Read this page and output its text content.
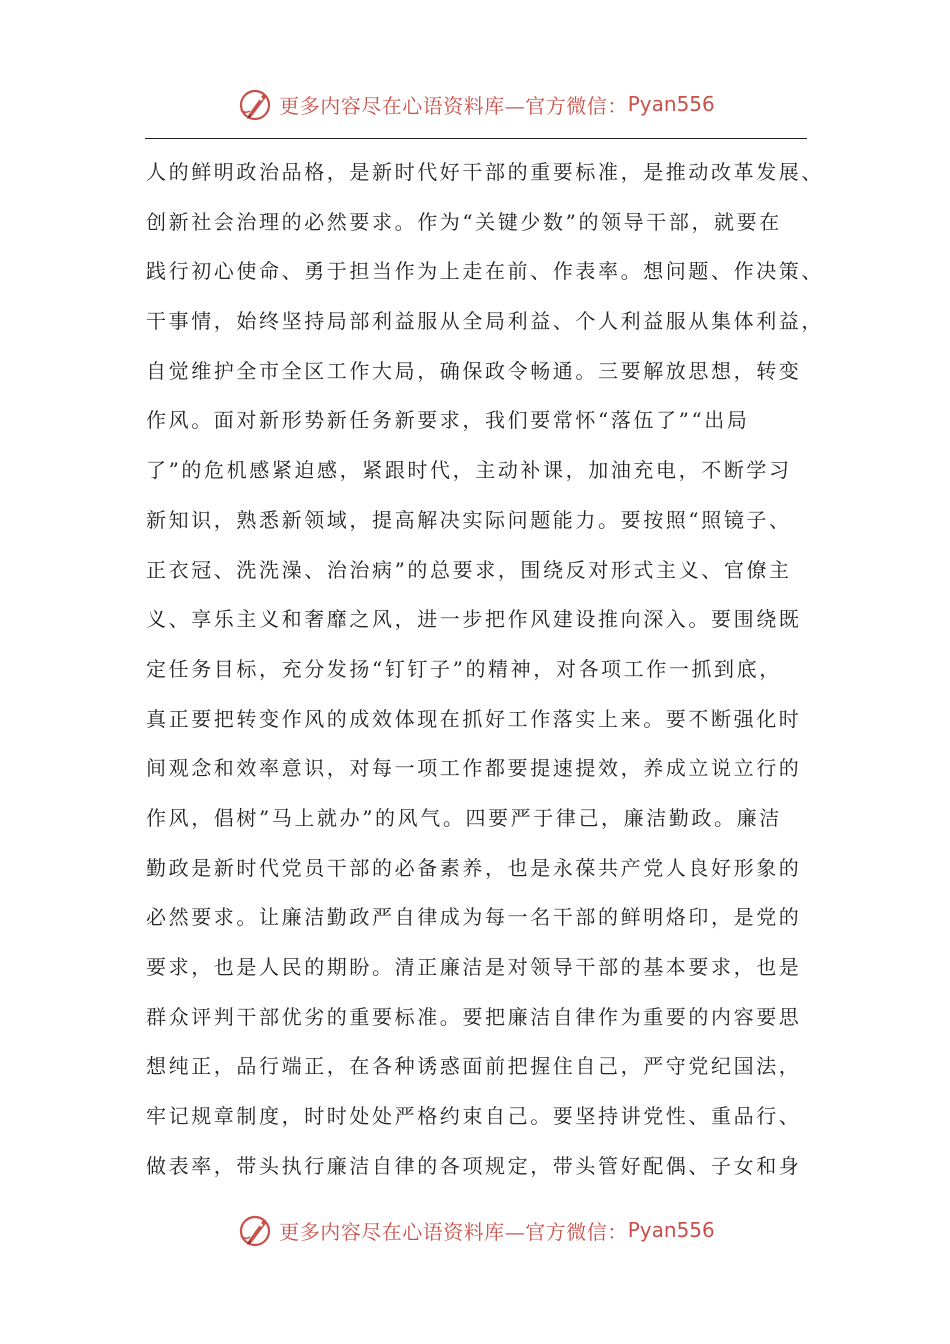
更多内容尽在心语资料库—官方微信： Pyan556
人的鲜明政治品格，是新时代好干部的重要标准，是推动改革发展、
创新社会治理的必然要求。作为“关键少数”的领导干部，就要在
践行初心使命、勇于担当作为上走在前、作表率。想问题、作决策、
干事情，始终坚持局部利益服从全局利益、个人利益服从集体利益，
自觉维护全市全区工作大局，确保政令畅通。三要解放思想，转变
作风。面对新形势新任务新要求，我们要常怀“落伍了”“出局
了”的危机感紧迫感，紧跟时代，主动补课，加油充电，不断学习
新知识，熟悉新领域，提高解决实际问题能力。要按照“照镜子、
正衣冠、洗洗澡、治治病”的总要求，围绕反对形式主义、官僚主
义、享乐主义和奢靡之风，进一步把作风建设推向深入。要围绕既
定任务目标，充分发扬“钉钉子”的精神，对各项工作一抓到底，
真正要把转变作风的成效体现在抓好工作落实上来。要不断强化时
间观念和效率意识，对每一项工作都要提速提效，养成立说立行的
作风，倡树”马上就办”的风气。四要严于律己，廉洁勤政。廉洁
勤政是新时代党员干部的必备素养，也是永葆共产党人良好形象的
必然要求。让廉洁勤政严自律成为每一名干部的鲜明烙印，是党的
要求，也是人民的期盼。清正廉洁是对领导干部的基本要求，也是
群众评判干部优劣的重要标准。要把廉洁自律作为重要的内容要思
想纯正，品行端正，在各种诱惑面前把握住自己，严守党纪国法，
牢记规章制度，时时处处严格约束自己。要坚持讲党性、重品行、
做表率，带头执行廉洁自律的各项规定，带头管好配偶、子女和身
更多内容尽在心语资料库—官方微信： Pyan556
